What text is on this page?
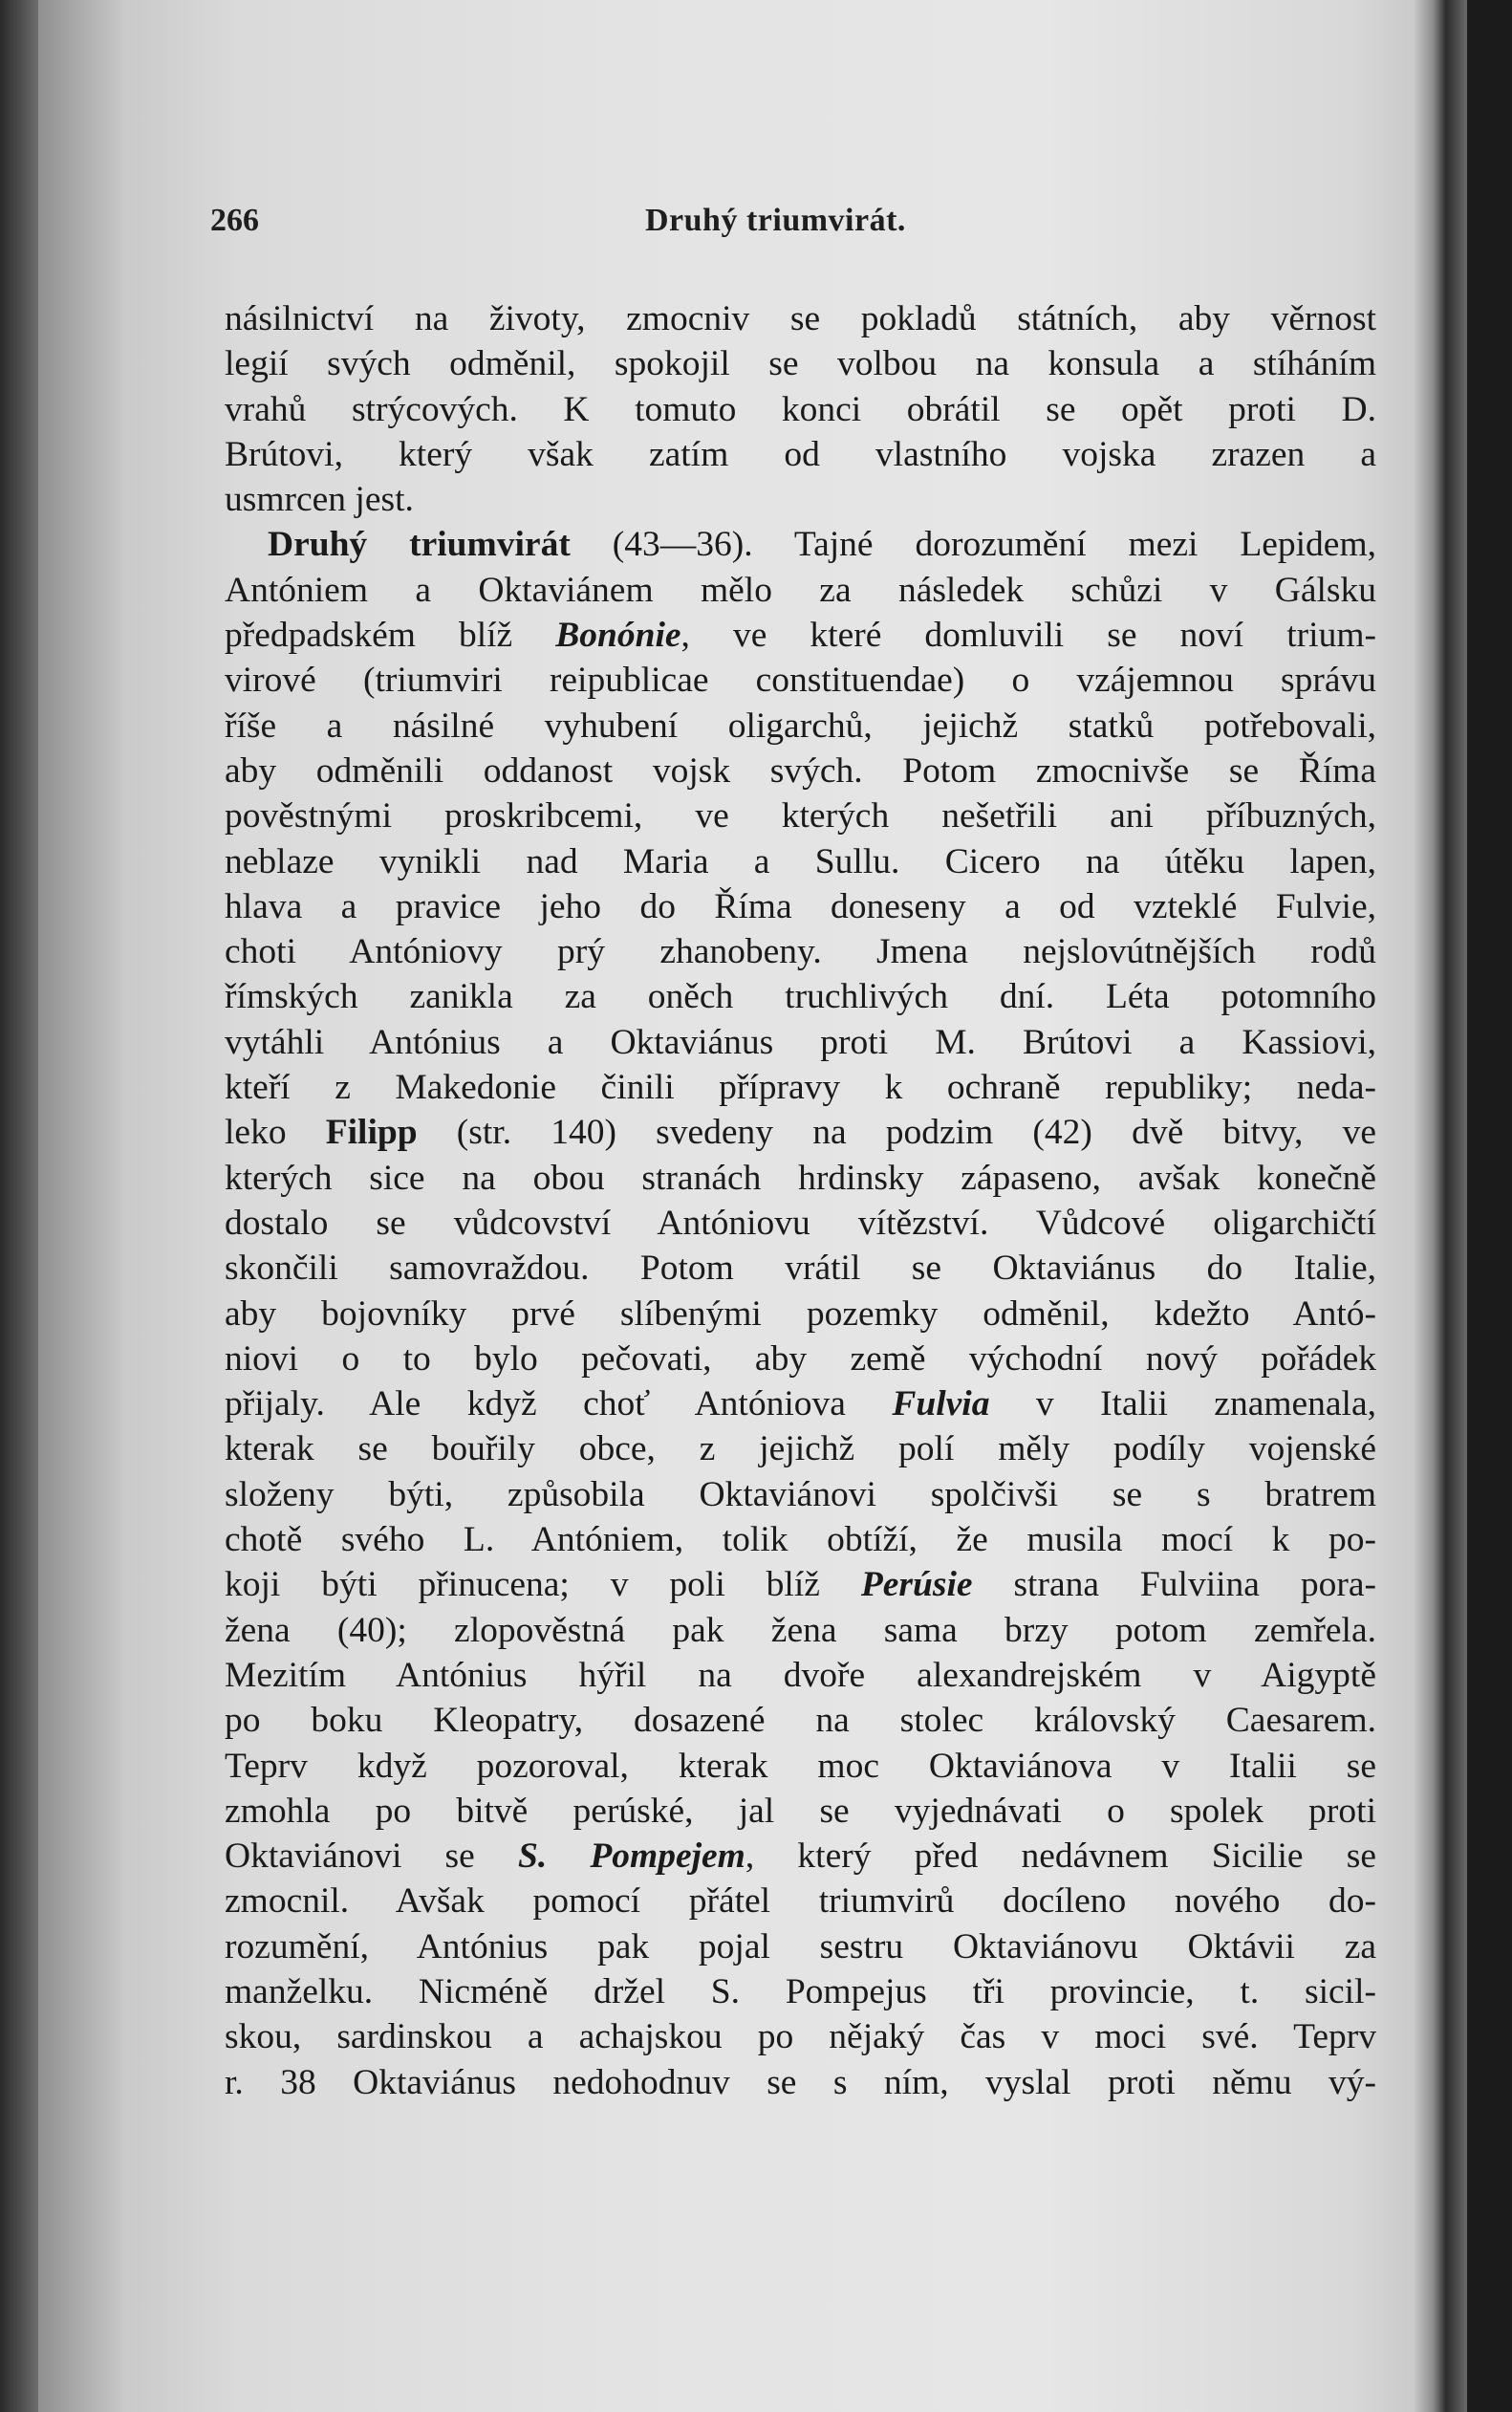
266	Druhý triumvirát.
násilnictví na životy, zmocniv se pokladů státních, aby věrnost
legií svých odměnil, spokojil se volbou na konsula a stíháním
vrahů strýcových. K tomuto konci obrátil se opět proti D.
Brútovi, který však zatím od vlastního vojska zrazen a
usmrcen jest.
Druhý triumvirát (43—36). Tajné dorozumění mezi Lepidem,
Antóniem a Oktaviánem mělo za následek schůzi v Gálsku
předpadském blíž Bonónie, ve které domluvili se noví trium-
virové (triumviri reipublicae constituendae) o vzájemnou správu
říše a násilné vyhubení oligarchů, jejichž statků potřebovali,
aby odměnili oddanost vojsk svých. Potom zmocnivše se Říma
pověstnými proskribcemi, ve kterých nešetřili ani příbuzných,
neblaze vynikli nad Maria a Sullu. Cicero na útěku lapen,
hlava a pravice jeho do Říma doneseny a od vzteklé Fulvie,
choti Antóniovy prý zhanobeny. Jmena nejslovútnějších rodů
římských zanikla za oněch truchlivých dní. Léta potomního
vytáhli Antónius a Oktaviánus proti M. Brútovi a Kassiovi,
kteří z Makedonie činili přípravy k ochraně republiky; neda-
leko Filipp (str. 140) svedeny na podzim (42) dvě bitvy, ve
kterých sice na obou stranách hrdinsky zápaseno, avšak konečně
dostalo se vůdcovství Antóniovu vítězství. Vůdcové oligarchičtí
skončili samovraždou. Potom vrátil se Oktaviánus do Italie,
aby bojovníky prvé slíbenými pozemky odměnil, kdežto Antó-
niovi o to bylo pečovati, aby země východní nový pořádek
přijaly. Ale když choť Antóniova Fulvia v Italii znamenala,
kterak se bouřily obce, z jejichž polí měly podíly vojenské
složeny býti, způsobila Oktaviánovi spolčivši se s bratrem
chotě svého L. Antóniem, tolik obtíží, že musila mocí k po-
koji býti přinucena; v poli blíž Perúsie strana Fulviina pora-
žena (40); zlopověstná pak žena sama brzy potom zemřela.
Mezitím Antónius hýřil na dvoře alexandrejském v Aigyptě
po boku Kleopatry, dosazené na stolec královský Caesarem.
Teprv když pozoroval, kterak moc Oktaviánova v Italii se
zmohla po bitvě perúské, jal se vyjednávati o spolek proti
Oktaviánovi se S. Pompejem, který před nedávnem Sicilie se
zmocnil. Avšak pomocí přátel triumvirů docíleno nového do-
rozumění, Antónius pak pojal sestru Oktaviánovu Oktávii za
manželku. Nicméně držel S. Pompejus tři provincie, t. sicil-
skou, sardinskou a achajskou po nějaký čas v moci své. Teprv
r. 38 Oktaviánus nedohodnuv se s ním, vyslal proti němu vý-
